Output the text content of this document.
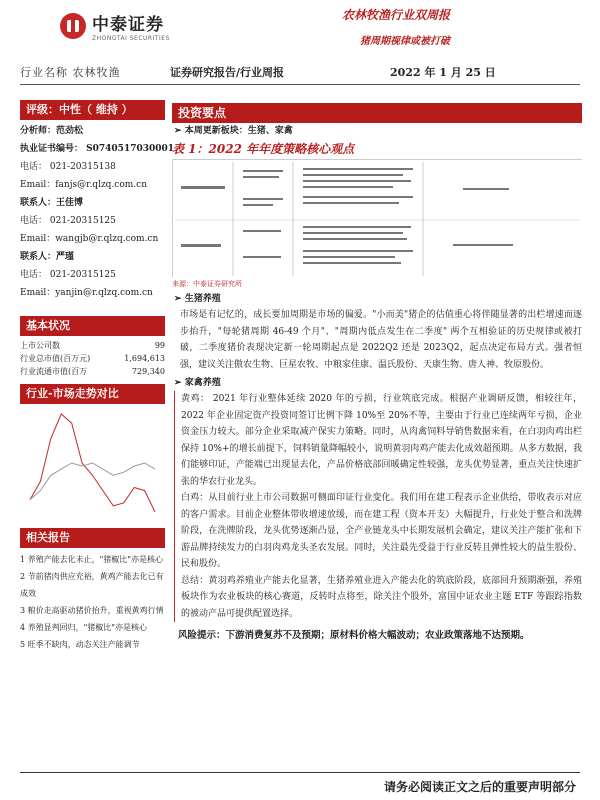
中泰证券
ZHONGTAI SECURITIES
农林牧渔行业双周报
猪周期视律或被打破
行业名称 农林牧渔	证券研究报告/行业周报	2022 年 1 月 25 日
评级：中性（ 维持 ）
分析师：范劲松
执业证书编号： S0740517030001
电话： 021-20315138
Email：fanjs@r.qlzq.com.cn
联系人：王佳博
电话： 021-20315125
Email：wangjb@r.qlzq.com.cn
联系人：严瑾
电话： 021-20315125
Email：yanjin@r.qlzq.com.cn
基本状况
上市公司数	99
行业总市值(百万元)	1,694,613
行业流通市值(百万	729,340
行业-市场走势对比
相关报告
1 养殖产能去化未止，"猪椒比"亦是核心
2 节前猪肉供应充裕，黄鸡产能去化已有成效
3 粮价走高驱动猪价抬升，重视黄鸡行情
4 养殖显判回归，"猪椒比"亦是核心
5 旺季不缺肉，动态关注产能调节
投资要点
➢ 本周更新板块：生猪、家禽
表 1：2022 年年度策略核心观点
来源：中泰证券研究所
➢ 生猪养殖
市场是有记忆的，成长要加周期是市场的偏爱。"小而美"猪企的估值重心将伴随显著的出栏增速而逐步抬升，"每轮猪周期 46-49 个月"、"周期内低点发生在二季度" 两个互相验证的历史规律或被打破，二季度猪价表现决定新一轮周期起点是 2022Q2 还是 2023Q2，起点决定布局方式。强者恒强，建议关注傲农生物、巨星农牧、中粮家佳康、温氏股份、天康生物、唐人神、牧原股份。
➢ 家禽养殖
黄鸡： 2021 年行业整体延续 2020 年的亏损，行业筑底完成。根据产业调研反馈，相较往年，2022 年企业固定资产投资同签订比例下降 10%至 20%不等，主要由于行业已连续两年亏损，企业资金压力较大。部分企业采取减产保实力策略。同时，从肉禽饲料导销售数据来看，在白羽肉鸡出栏保持 10%+的增长前提下，饲料销量降幅较小，说明黄羽肉鸡产能去化成效超预期。从多方数据，我们能够印证，产能端已出现显去化，产品价格底部回暖确定性较强，龙头优势显著，重点关注快速扩张的华农行业龙头。
白鸡：从目前行业上市公司数据可侧面印证行业变化。我们用在建工程表示企业供给，带收表示对应的客户需求。目前企业整体带收增速放缓，而在建工程（资本开支）大幅提升，行业处于整合和洗牌阶段，在洗牌阶段，龙头优势逐渐凸显，全产业链龙头中长期发展机会确定，建议关注产能扩张和下游品牌持续发力的白羽肉鸡龙头圣农发展。同时，关注最先受益于行业反转且弹性较大的益生股份、民和股份。
总结：黄羽鸡养殖业产能去化显著，生猪养殖业进入产能去化的筑底阶段，底部回升预期渐强，养殖板块作为农业板块的核心赛道，反转时点将至，除关注个股外，富国中证农业主题 ETF 等跟踪指数的被动产品可提供配置选择。
风险提示：下游消费复苏不及预期；原材料价格大幅波动；农业政策落地不达预期。
请务必阅读正文之后的重要声明部分
